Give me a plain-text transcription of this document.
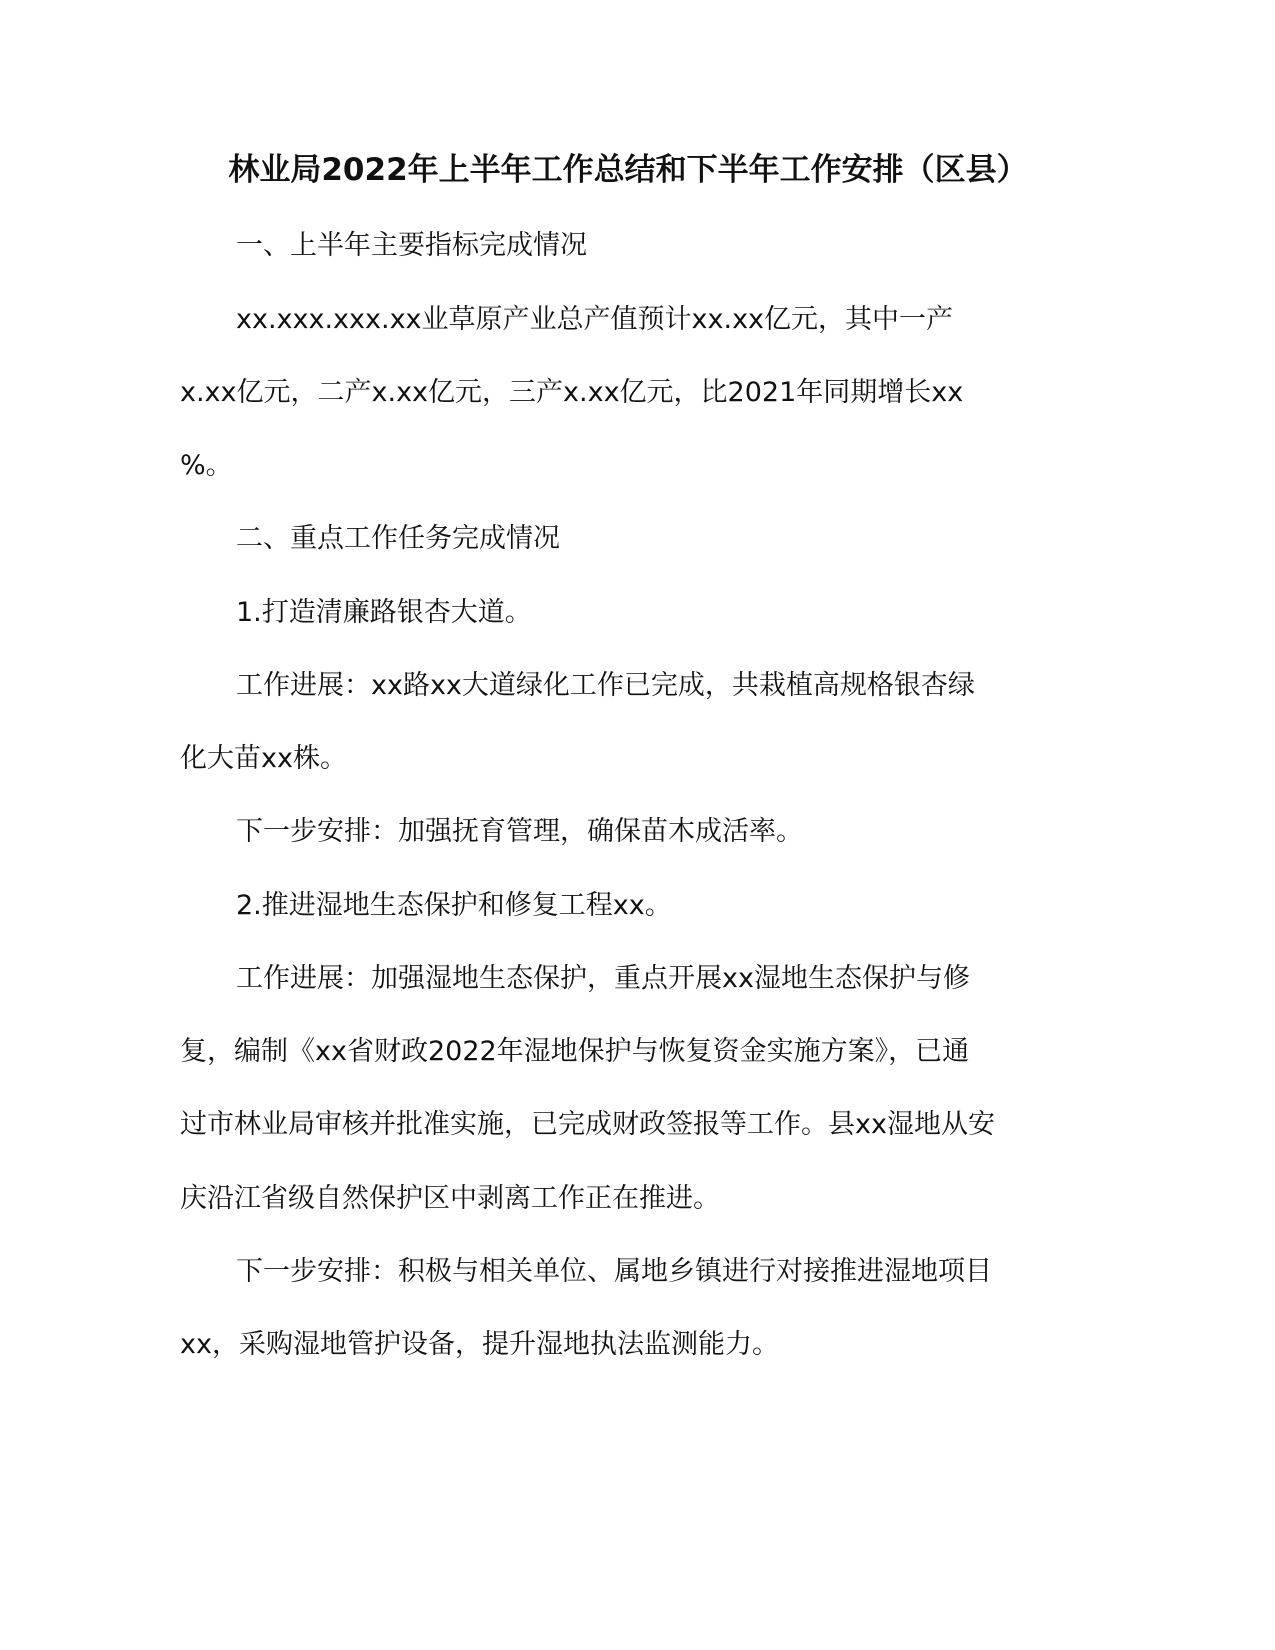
林业局2022年上半年工作总结和下半年工作安排（区县）
一、上半年主要指标完成情况
xx.xxx.xxx.xx业草原产业总产值预计xx.xx亿元，其中一产
x.xx亿元，二产x.xx亿元，三产x.xx亿元，比2021年同期增长xx
%。
二、重点工作任务完成情况
1.打造清廉路银杏大道。
工作进展：xx路xx大道绿化工作已完成，共栽植高规格银杏绿
化大苗xx株。
下一步安排：加强抚育管理，确保苗木成活率。
2.推进湿地生态保护和修复工程xx。
工作进展：加强湿地生态保护，重点开展xx湿地生态保护与修
复，编制《xx省财政2022年湿地保护与恢复资金实施方案》，已通
过市林业局审核并批准实施，已完成财政签报等工作。县xx湿地从安
庆沿江省级自然保护区中剥离工作正在推进。
下一步安排：积极与相关单位、属地乡镇进行对接推进湿地项目
xx，采购湿地管护设备，提升湿地执法监测能力。
